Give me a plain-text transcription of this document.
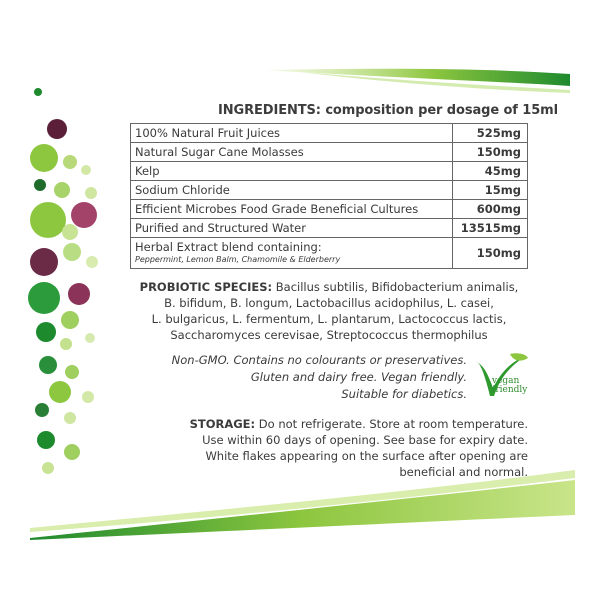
INGREDIENTS: composition per dosage of 15ml
100% Natural Fruit Juices	525mg
Natural Sugar Cane Molasses	150mg
Kelp	45mg
Sodium Chloride	15mg
Efficient Microbes Food Grade Beneficial Cultures	600mg
Purified and Structured Water	13515mg
Herbal Extract blend containing:
Peppermint, Lemon Balm, Chamomile & Elderberry	150mg
PROBIOTIC SPECIES: Bacillus subtilis, Bifidobacterium animalis,
B. bifidum, B. longum, Lactobacillus acidophilus, L. casei,
L. bulgaricus, L. fermentum, L. plantarum, Lactococcus lactis,
Saccharomyces cerevisae, Streptococcus thermophilus
Non-GMO. Contains no colourants or preservatives.
Gluten and dairy free. Vegan friendly.
Suitable for diabetics.
vegan
friendly
STORAGE: Do not refrigerate. Store at room temperature.
Use within 60 days of opening. See base for expiry date.
White flakes appearing on the surface after opening are
beneficial and normal.
